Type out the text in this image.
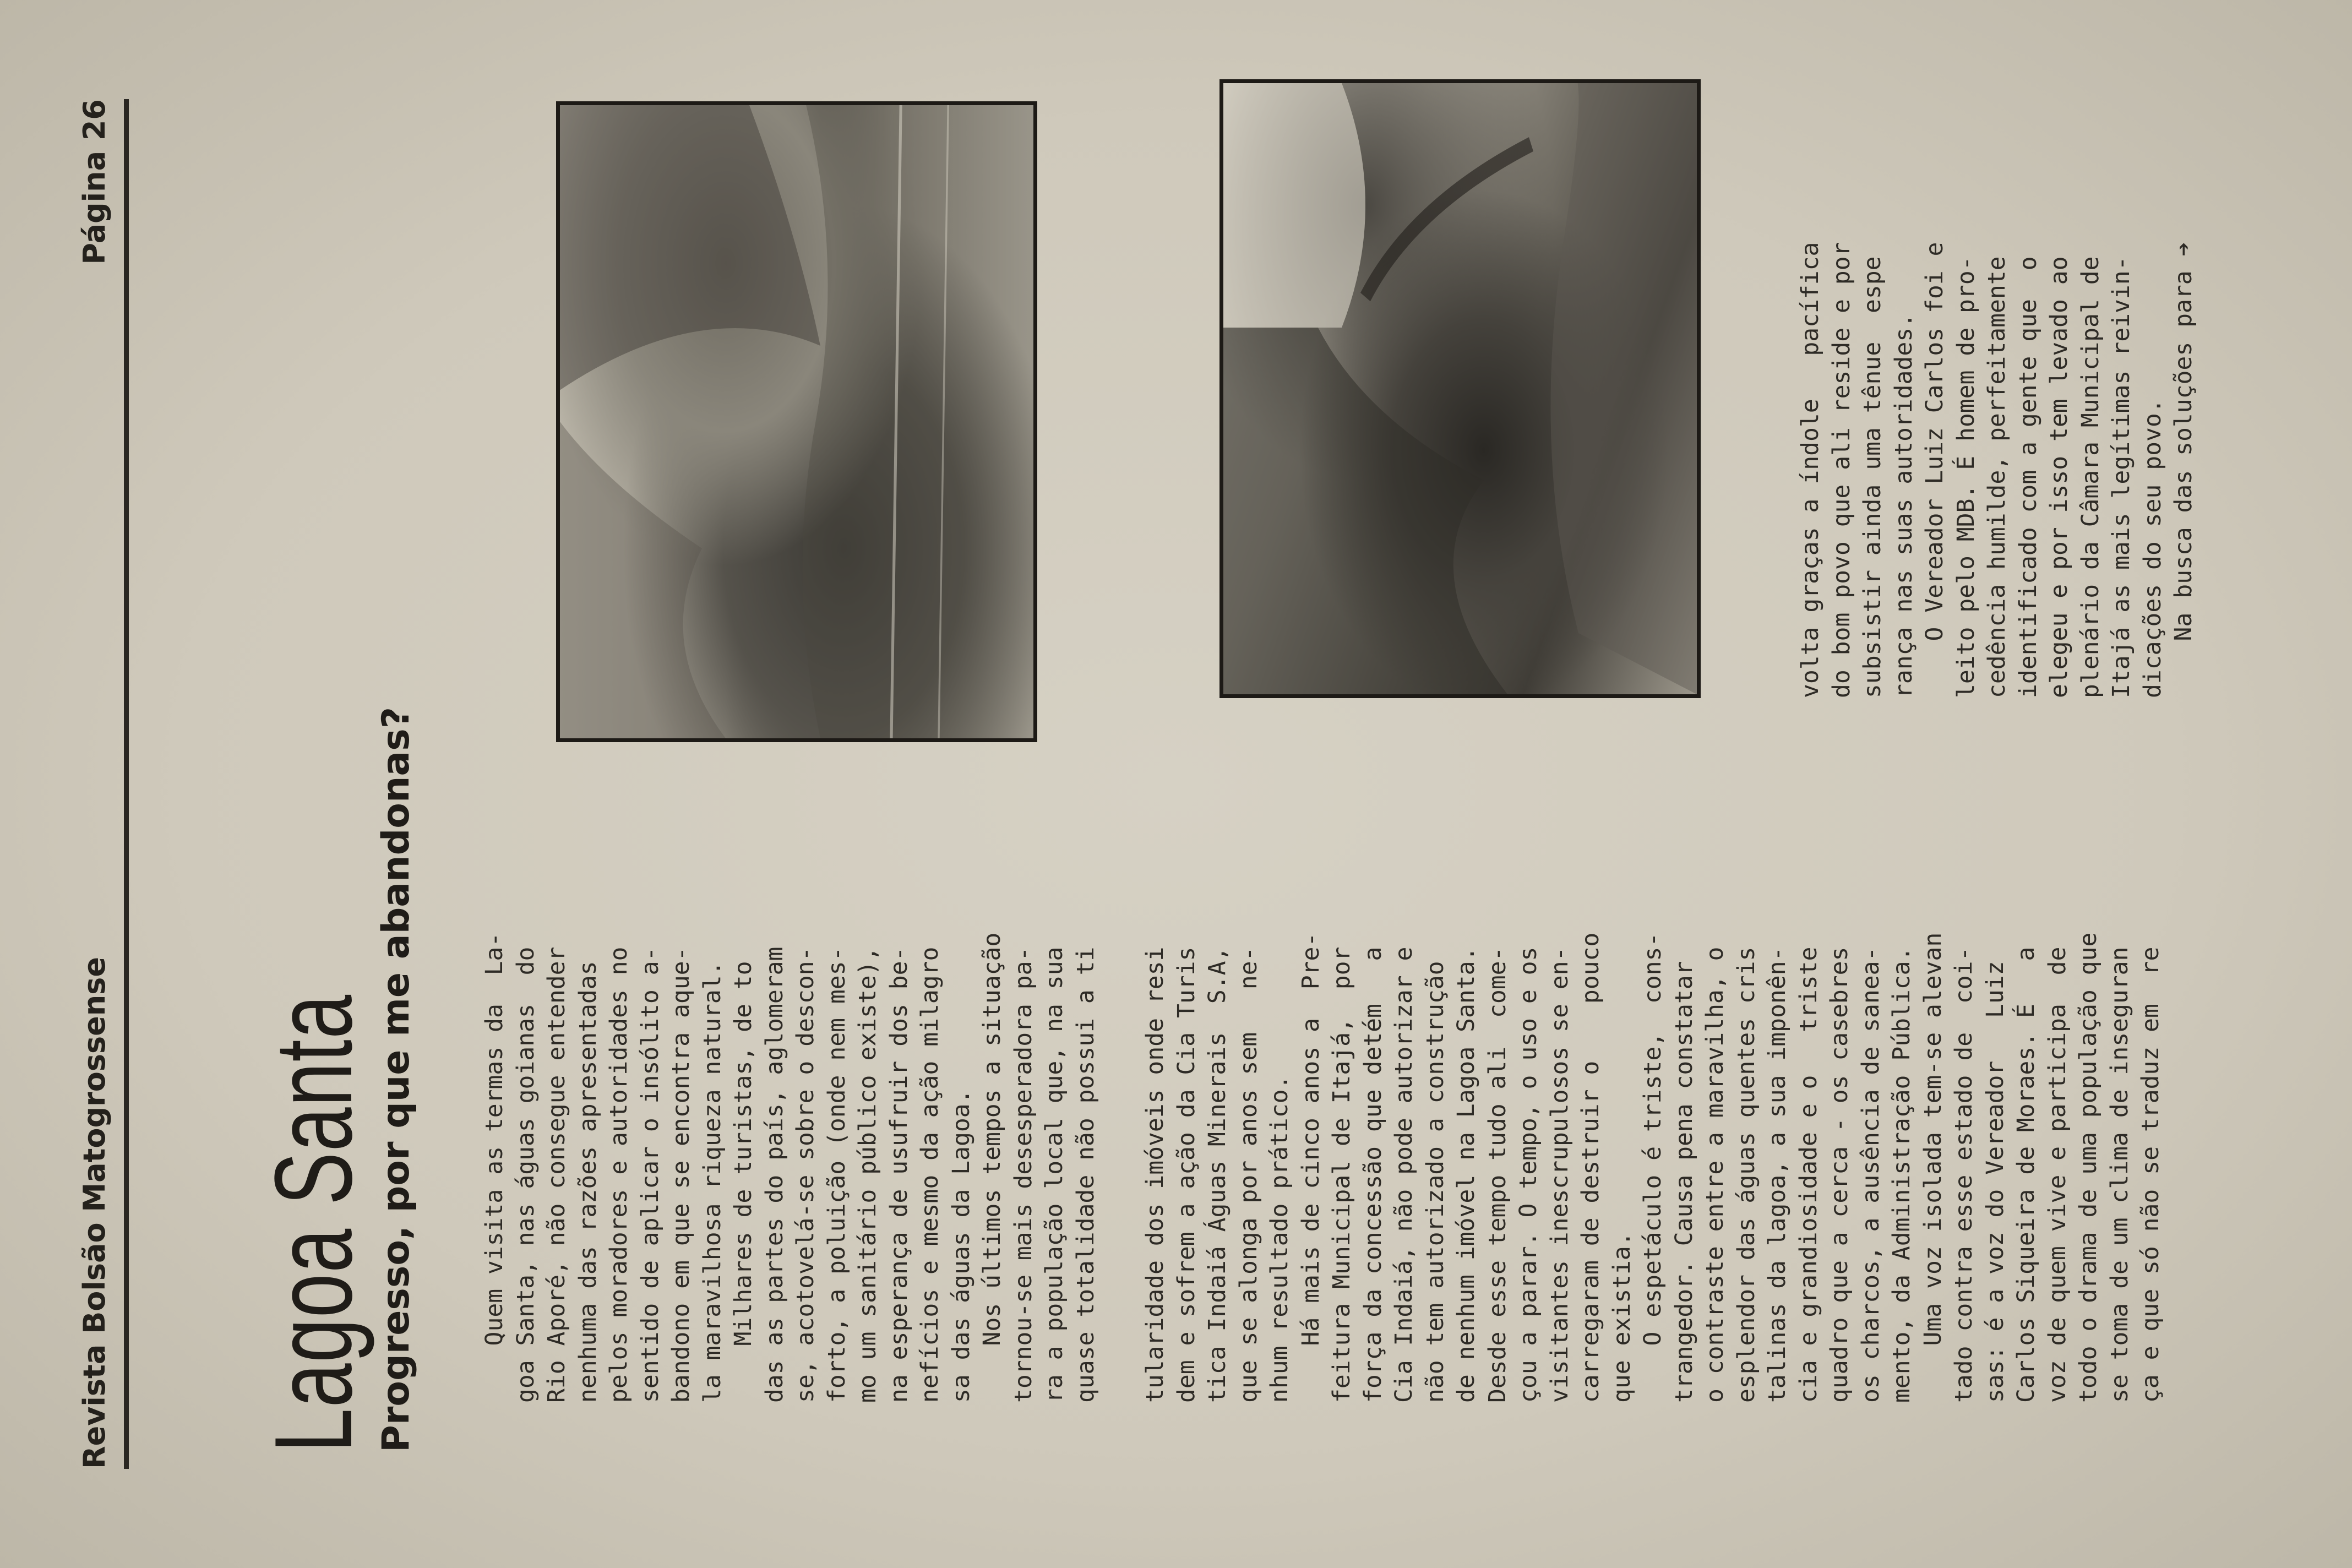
Revista Bolsão Matogrossense
Página 26
Lagoa Santa Progresso, por que me abandonas?	Quem visita as termas da  La- goa Santa, nas águas goianas  do Rio Aporé, não consegue entender nenhuma das razões apresentadas pelos moradores e autoridades no sentido de aplicar o insólito a- bandono em que se encontra aque- la maravilhosa riqueza natural. Milhares de turistas, de to das as partes do país, aglomeram se, acotovelá-se sobre o descon- forto, a poluição (onde nem mes- mo um sanitário público existe), na esperança de usufruir dos be- nefícios e mesmo da ação milagro sa das águas da Lagoa. Nos últimos tempos a situação tornou-se mais desesperadora pa- ra a população local que, na sua quase totalidade não possui a ti tularidade dos imóveis onde resi dem e sofrem a ação da Cia Turis tica Indaiá Águas Minerais  S.A, que se alonga por anos sem   ne- nhum resultado prático. Há mais de cinco anos a  Pre- feitura Municipal de Itajá,  por força da concessão que detém   a Cia Indaiá, não pode autorizar e não tem autorizado a construção de nenhum imóvel na Lagoa Santa. Desde esse tempo tudo ali  come- çou a parar. O tempo, o uso e os visitantes inescrupulosos se en- carregaram de destruir o    pouco que existia. O espetáculo é triste,  cons- trangedor. Causa pena constatar o contraste entre a maravilha, o esplendor das águas quentes cris talinas da lagoa, a sua imponên- cia e grandiosidade e o   triste quadro que a cerca - os casebres os charcos, a ausência de sanea- mento, da Administração Pública. Uma voz isolada tem-se alevan tado contra esse estado de  coi- sas: é a voz do Vereador   Luiz Carlos Siqueira de Moraes. É   a voz de quem vive e participa  de todo o drama de uma população que se toma de um clima de inseguran ça e que só não se traduz em  re

volta graças a índole   pacífica do bom povo que ali reside e por subsistir ainda uma tênue  espe rança nas suas autoridades. O Vereador Luiz Carlos foi e leito pelo MDB. É homem de pro- cedência humilde, perfeitamente identificado com a gente que  o elegeu e por isso tem levado ao plenário da Câmara Municipal de Itajá as mais legítimas reivin- dicações do seu povo. Na busca das soluções para ➔
